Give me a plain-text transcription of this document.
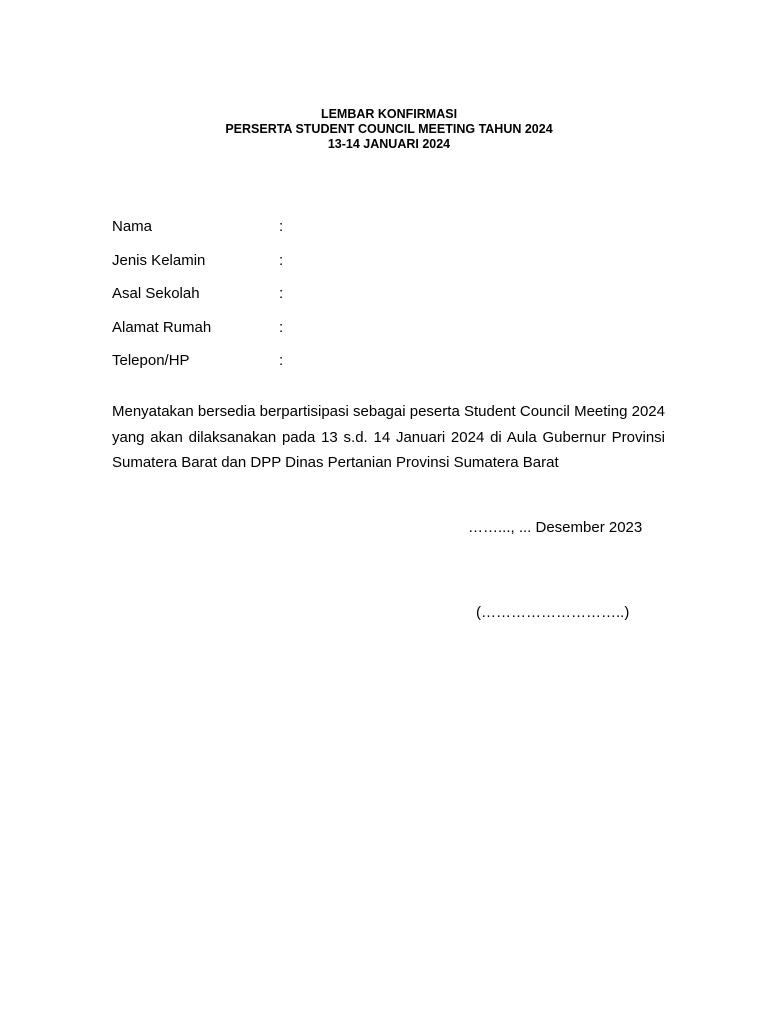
LEMBAR KONFIRMASI
PERSERTA STUDENT COUNCIL MEETING TAHUN 2024
13-14 JANUARI 2024
Nama	:
Jenis Kelamin	:
Asal Sekolah	:
Alamat Rumah	:
Telepon/HP	:
Menyatakan bersedia berpartisipasi sebagai peserta Student Council Meeting 2024 yang akan dilaksanakan pada 13 s.d. 14 Januari 2024 di Aula Gubernur Provinsi Sumatera Barat dan DPP Dinas Pertanian Provinsi Sumatera Barat
……..., ... Desember 2023
(………………………..)
